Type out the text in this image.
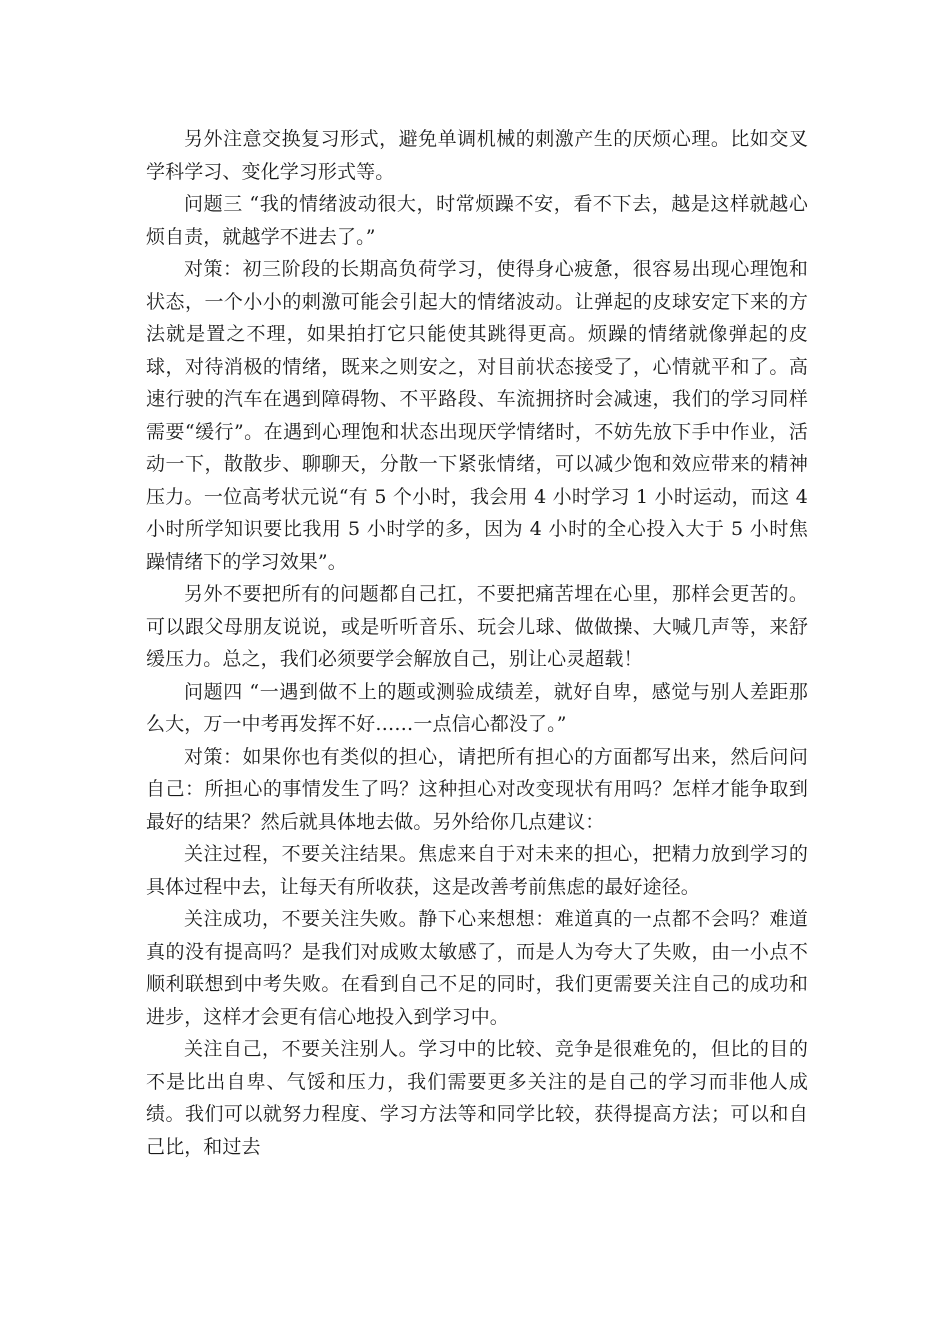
另外注意交换复习形式，避免单调机械的刺激产生的厌烦心理。比如交叉学科学习、变化学习形式等。

问题三 “我的情绪波动很大，时常烦躁不安，看不下去，越是这样就越心烦自责，就越学不进去了。”

对策：初三阶段的长期高负荷学习，使得身心疲惫，很容易出现心理饱和状态，一个小小的刺激可能会引起大的情绪波动。让弹起的皮球安定下来的方法就是置之不理，如果拍打它只能使其跳得更高。烦躁的情绪就像弹起的皮球，对待消极的情绪，既来之则安之，对目前状态接受了，心情就平和了。高速行驶的汽车在遇到障碍物、不平路段、车流拥挤时会减速，我们的学习同样需要“缓行”。在遇到心理饱和状态出现厌学情绪时，不妨先放下手中作业，活动一下，散散步、聊聊天，分散一下紧张情绪，可以减少饱和效应带来的精神压力。一位高考状元说“有 5 个小时，我会用 4 小时学习 1 小时运动，而这 4 小时所学知识要比我用 5 小时学的多，因为 4 小时的全心投入大于 5 小时焦躁情绪下的学习效果”。

另外不要把所有的问题都自己扛，不要把痛苦埋在心里，那样会更苦的。可以跟父母朋友说说，或是听听音乐、玩会儿球、做做操、大喊几声等，来舒缓压力。总之，我们必须要学会解放自己，别让心灵超载！

问题四 “一遇到做不上的题或测验成绩差，就好自卑，感觉与别人差距那么大，万一中考再发挥不好……一点信心都没了。”

对策：如果你也有类似的担心，请把所有担心的方面都写出来，然后问问自己：所担心的事情发生了吗？这种担心对改变现状有用吗？怎样才能争取到最好的结果？然后就具体地去做。另外给你几点建议：

关注过程，不要关注结果。焦虑来自于对未来的担心，把精力放到学习的具体过程中去，让每天有所收获，这是改善考前焦虑的最好途径。

关注成功，不要关注失败。静下心来想想：难道真的一点都不会吗？难道真的没有提高吗？是我们对成败太敏感了，而是人为夸大了失败，由一小点不顺利联想到中考失败。在看到自己不足的同时，我们更需要关注自己的成功和进步，这样才会更有信心地投入到学习中。

关注自己，不要关注别人。学习中的比较、竞争是很难免的，但比的目的不是比出自卑、气馁和压力，我们需要更多关注的是自己的学习而非他人成绩。我们可以就努力程度、学习方法等和同学比较，获得提高方法；可以和自己比，和过去
